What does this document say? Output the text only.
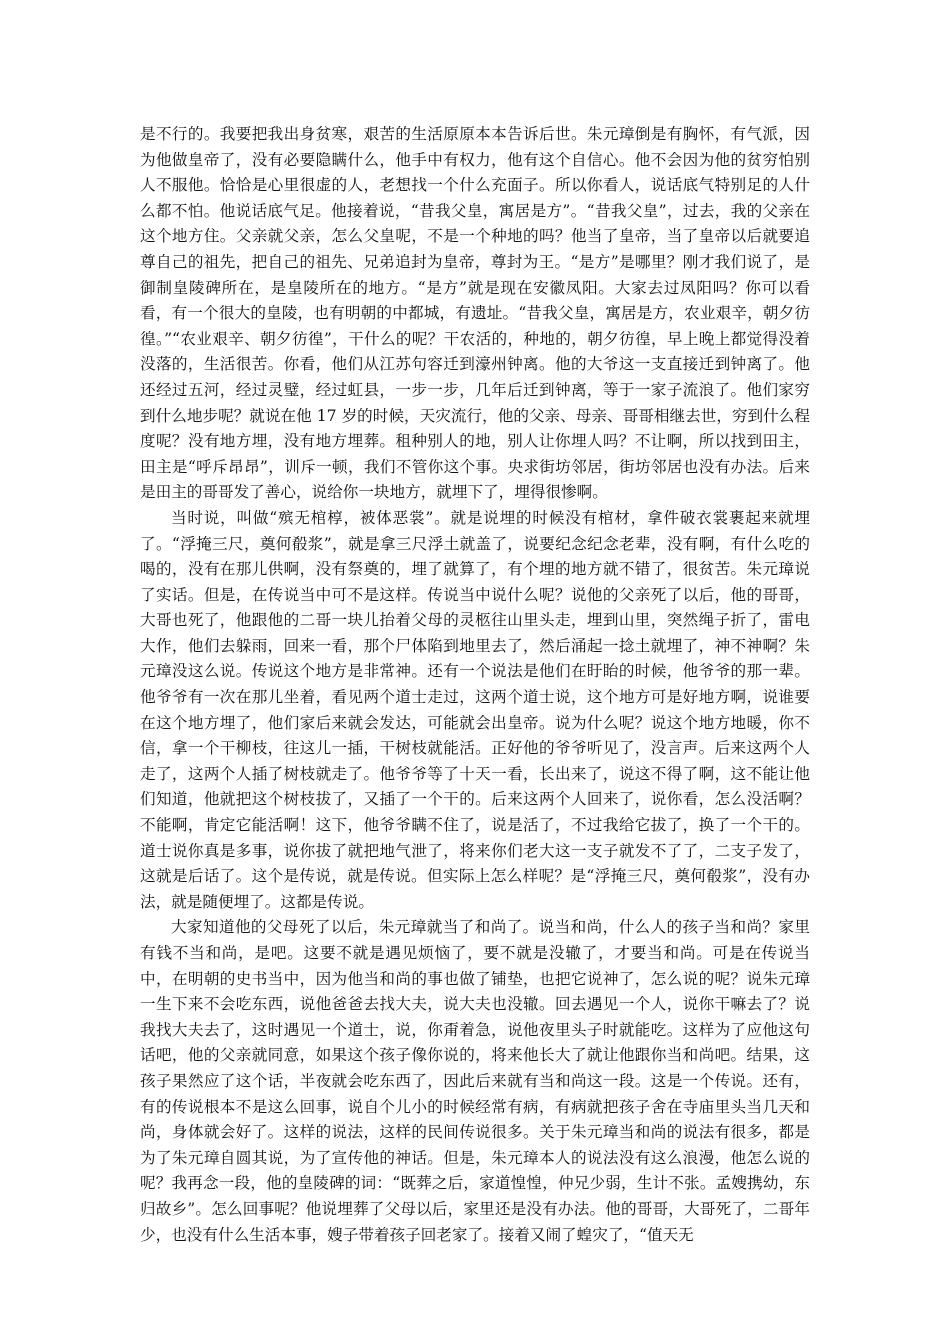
是不行的。我要把我出身贫寒，艰苦的生活原原本本告诉后世。朱元璋倒是有胸怀，有气派，因为他做皇帝了，没有必要隐瞒什么，他手中有权力，他有这个自信心。他不会因为他的贫穷怕别人不服他。恰恰是心里很虚的人，老想找一个什么充面子。所以你看人，说话底气特别足的人什么都不怕。他说话底气足。他接着说，“昔我父皇，寓居是方”。“昔我父皇”，过去，我的父亲在这个地方住。父亲就父亲，怎么父皇呢，不是一个种地的吗？他当了皇帝，当了皇帝以后就要追尊自己的祖先，把自己的祖先、兄弟追封为皇帝，尊封为王。“是方”是哪里？刚才我们说了，是御制皇陵碑所在，是皇陵所在的地方。“是方”就是现在安徽凤阳。大家去过凤阳吗？你可以看看，有一个很大的皇陵，也有明朝的中都城，有遗址。“昔我父皇，寓居是方，农业艰辛，朝夕彷徨。”“农业艰辛、朝夕彷徨”，干什么的呢？干农活的，种地的，朝夕彷徨，早上晚上都觉得没着没落的，生活很苦。你看，他们从江苏句容迁到濠州钟离。他的大爷这一支直接迁到钟离了。他还经过五河，经过灵璧，经过虹县，一步一步，几年后迁到钟离，等于一家子流浪了。他们家穷到什么地步呢？就说在他 17 岁的时候，天灾流行，他的父亲、母亲、哥哥相继去世，穷到什么程度呢？没有地方埋，没有地方埋葬。租种别人的地，别人让你埋人吗？不让啊，所以找到田主，田主是“呼斥昂昂”，训斥一顿，我们不管你这个事。央求街坊邻居，街坊邻居也没有办法。后来是田主的哥哥发了善心，说给你一块地方，就埋下了，埋得很惨啊。

当时说，叫做“殡无棺椁，被体恶裳”。就是说埋的时候没有棺材，拿件破衣裳裹起来就埋了。“浮掩三尺，奠何殽浆”，就是拿三尺浮土就盖了，说要纪念纪念老辈，没有啊，有什么吃的喝的，没有在那儿供啊，没有祭奠的，埋了就算了，有个埋的地方就不错了，很贫苦。朱元璋说了实话。但是，在传说当中可不是这样。传说当中说什么呢？说他的父亲死了以后，他的哥哥，大哥也死了，他跟他的二哥一块儿抬着父母的灵柩往山里头走，埋到山里，突然绳子折了，雷电大作，他们去躲雨，回来一看，那个尸体陷到地里去了，然后涌起一捻土就埋了，神不神啊？朱元璋没这么说。传说这个地方是非常神。还有一个说法是他们在盱眙的时候，他爷爷的那一辈。他爷爷有一次在那儿坐着，看见两个道士走过，这两个道士说，这个地方可是好地方啊，说谁要在这个地方埋了，他们家后来就会发达，可能就会出皇帝。说为什么呢？说这个地方地暖，你不信，拿一个干柳枝，往这儿一插，干树枝就能活。正好他的爷爷听见了，没言声。后来这两个人走了，这两个人插了树枝就走了。他爷爷等了十天一看，长出来了，说这不得了啊，这不能让他们知道，他就把这个树枝拔了，又插了一个干的。后来这两个人回来了，说你看，怎么没活啊？不能啊，肯定它能活啊！这下，他爷爷瞒不住了，说是活了，不过我给它拔了，换了一个干的。道士说你真是多事，说你拔了就把地气泄了，将来你们老大这一支子就发不了了，二支子发了，这就是后话了。这个是传说，就是传说。但实际上怎么样呢？是“浮掩三尺，奠何殽浆”，没有办法，就是随便埋了。这都是传说。

大家知道他的父母死了以后，朱元璋就当了和尚了。说当和尚，什么人的孩子当和尚？家里有钱不当和尚，是吧。这要不就是遇见烦恼了，要不就是没辙了，才要当和尚。可是在传说当中，在明朝的史书当中，因为他当和尚的事也做了铺垫，也把它说神了，怎么说的呢？说朱元璋一生下来不会吃东西，说他爸爸去找大夫，说大夫也没辙。回去遇见一个人，说你干嘛去了？说我找大夫去了，这时遇见一个道士，说，你甭着急，说他夜里头子时就能吃。这样为了应他这句话吧，他的父亲就同意，如果这个孩子像你说的，将来他长大了就让他跟你当和尚吧。结果，这孩子果然应了这个话，半夜就会吃东西了，因此后来就有当和尚这一段。这是一个传说。还有，有的传说根本不是这么回事，说自个儿小的时候经常有病，有病就把孩子舍在寺庙里头当几天和尚，身体就会好了。这样的说法，这样的民间传说很多。关于朱元璋当和尚的说法有很多，都是为了朱元璋自圆其说，为了宣传他的神话。但是，朱元璋本人的说法没有这么浪漫，他怎么说的呢？我再念一段，他的皇陵碑的词：“既葬之后，家道惶惶，仲兄少弱，生计不张。孟嫂携幼，东归故乡”。怎么回事呢？他说埋葬了父母以后，家里还是没有办法。他的哥哥，大哥死了，二哥年少，也没有什么生活本事，嫂子带着孩子回老家了。接着又闹了蝗灾了，“值天无
